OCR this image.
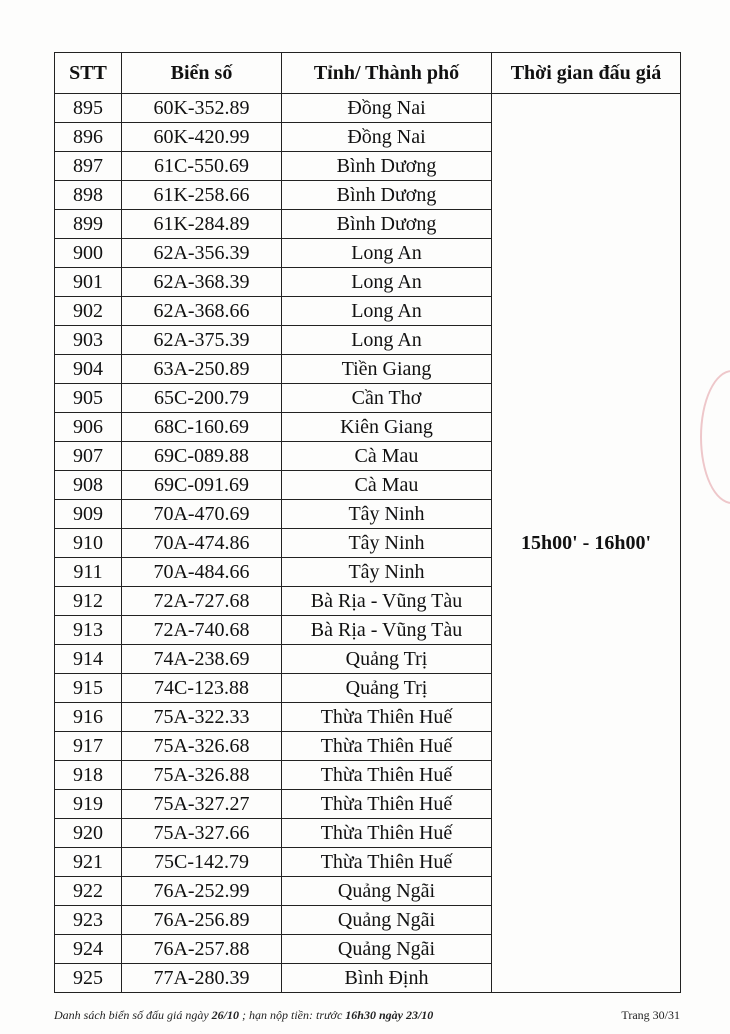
STT	Biển số	Tỉnh/ Thành phố	Thời gian đấu giá
895	60K-352.89	Đồng Nai	15h00' - 16h00'
896	60K-420.99	Đồng Nai	
897	61C-550.69	Bình Dương	
898	61K-258.66	Bình Dương	
899	61K-284.89	Bình Dương	
900	62A-356.39	Long An	
901	62A-368.39	Long An	
902	62A-368.66	Long An	
903	62A-375.39	Long An	
904	63A-250.89	Tiền Giang	
905	65C-200.79	Cần Thơ	
906	68C-160.69	Kiên Giang	
907	69C-089.88	Cà Mau	
908	69C-091.69	Cà Mau	
909	70A-470.69	Tây Ninh	
910	70A-474.86	Tây Ninh	
911	70A-484.66	Tây Ninh	
912	72A-727.68	Bà Rịa - Vũng Tàu	
913	72A-740.68	Bà Rịa - Vũng Tàu	
914	74A-238.69	Quảng Trị	
915	74C-123.88	Quảng Trị	
916	75A-322.33	Thừa Thiên Huế	
917	75A-326.68	Thừa Thiên Huế	
918	75A-326.88	Thừa Thiên Huế	
919	75A-327.27	Thừa Thiên Huế	
920	75A-327.66	Thừa Thiên Huế	
921	75C-142.79	Thừa Thiên Huế	
922	76A-252.99	Quảng Ngãi	
923	76A-256.89	Quảng Ngãi	
924	76A-257.88	Quảng Ngãi	
925	77A-280.39	Bình Định	
Danh sách biển số đấu giá ngày 26/10 ; hạn nộp tiền: trước 16h30 ngày 23/10	Trang 30/31
